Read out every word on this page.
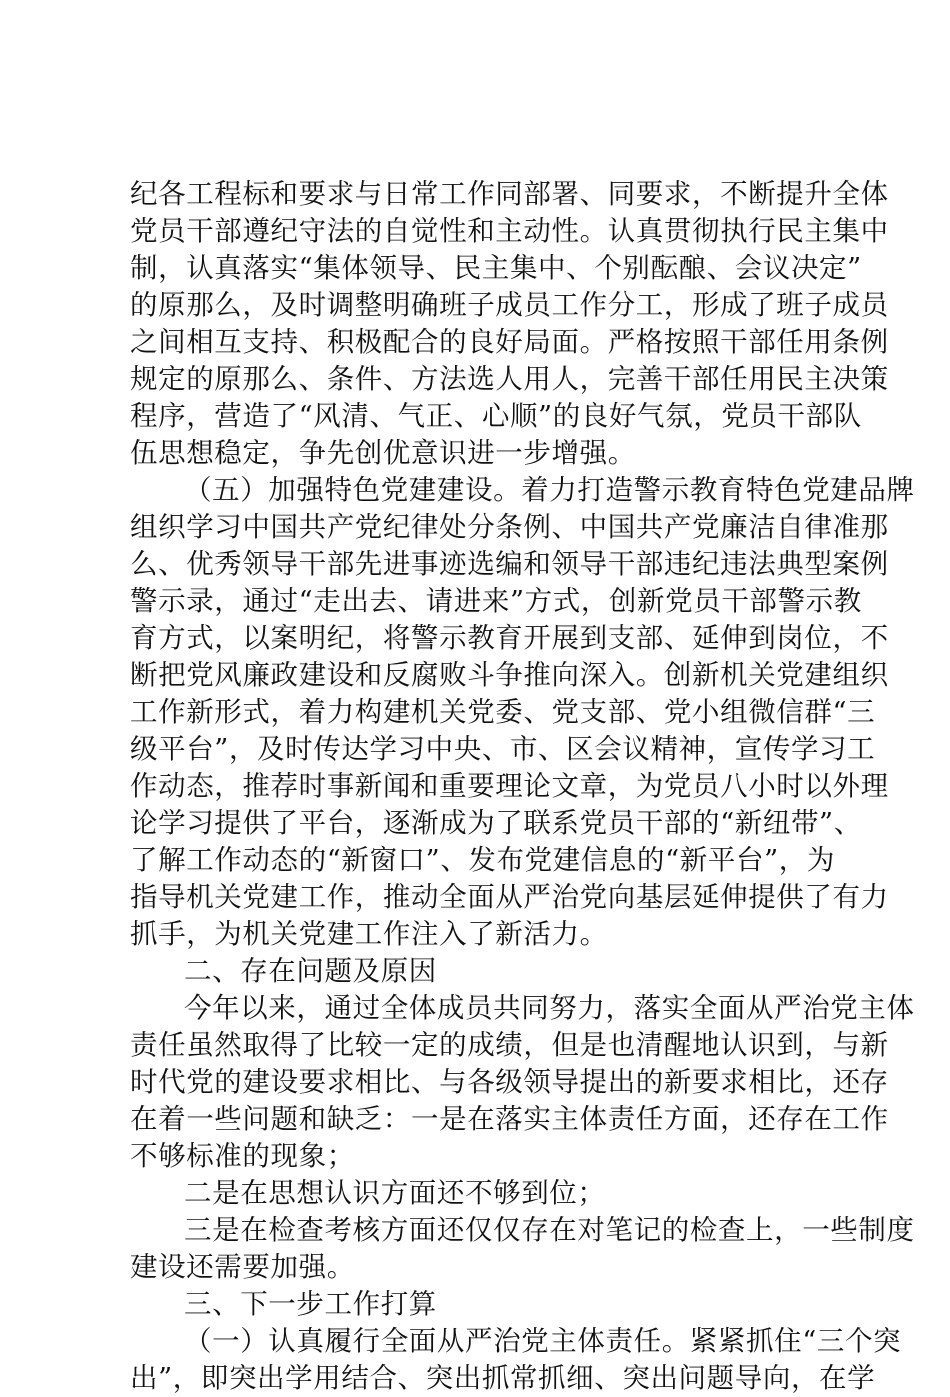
纪各工程标和要求与日常工作同部署、同要求，不断提升全体
党员干部遵纪守法的自觉性和主动性。认真贯彻执行民主集中
制，认真落实“集体领导、民主集中、个别酝酿、会议决定”
的原那么，及时调整明确班子成员工作分工，形成了班子成员
之间相互支持、积极配合的良好局面。严格按照干部任用条例
规定的原那么、条件、方法选人用人，完善干部任用民主决策
程序，营造了“风清、气正、心顺”的良好气氛，党员干部队
伍思想稳定，争先创优意识进一步增强。
（五）加强特色党建建设。着力打造警示教育特色党建品牌
组织学习中国共产党纪律处分条例、中国共产党廉洁自律准那
么、优秀领导干部先进事迹选编和领导干部违纪违法典型案例
警示录，通过“走出去、请进来”方式，创新党员干部警示教
育方式，以案明纪，将警示教育开展到支部、延伸到岗位，不
断把党风廉政建设和反腐败斗争推向深入。创新机关党建组织
工作新形式，着力构建机关党委、党支部、党小组微信群“三
级平台”，及时传达学习中央、市、区会议精神，宣传学习工
作动态，推荐时事新闻和重要理论文章，为党员八小时以外理
论学习提供了平台，逐渐成为了联系党员干部的“新纽带”、
了解工作动态的“新窗口”、发布党建信息的“新平台”，为
指导机关党建工作，推动全面从严治党向基层延伸提供了有力
抓手，为机关党建工作注入了新活力。
二、存在问题及原因
今年以来，通过全体成员共同努力，落实全面从严治党主体
责任虽然取得了比较一定的成绩，但是也清醒地认识到，与新
时代党的建设要求相比、与各级领导提出的新要求相比，还存
在着一些问题和缺乏：一是在落实主体责任方面，还存在工作
不够标准的现象；
二是在思想认识方面还不够到位；
三是在检查考核方面还仅仅存在对笔记的检查上，一些制度
建设还需要加强。
三、下一步工作打算
（一）认真履行全面从严治党主体责任。紧紧抓住“三个突
出”，即突出学用结合、突出抓常抓细、突出问题导向，在学
